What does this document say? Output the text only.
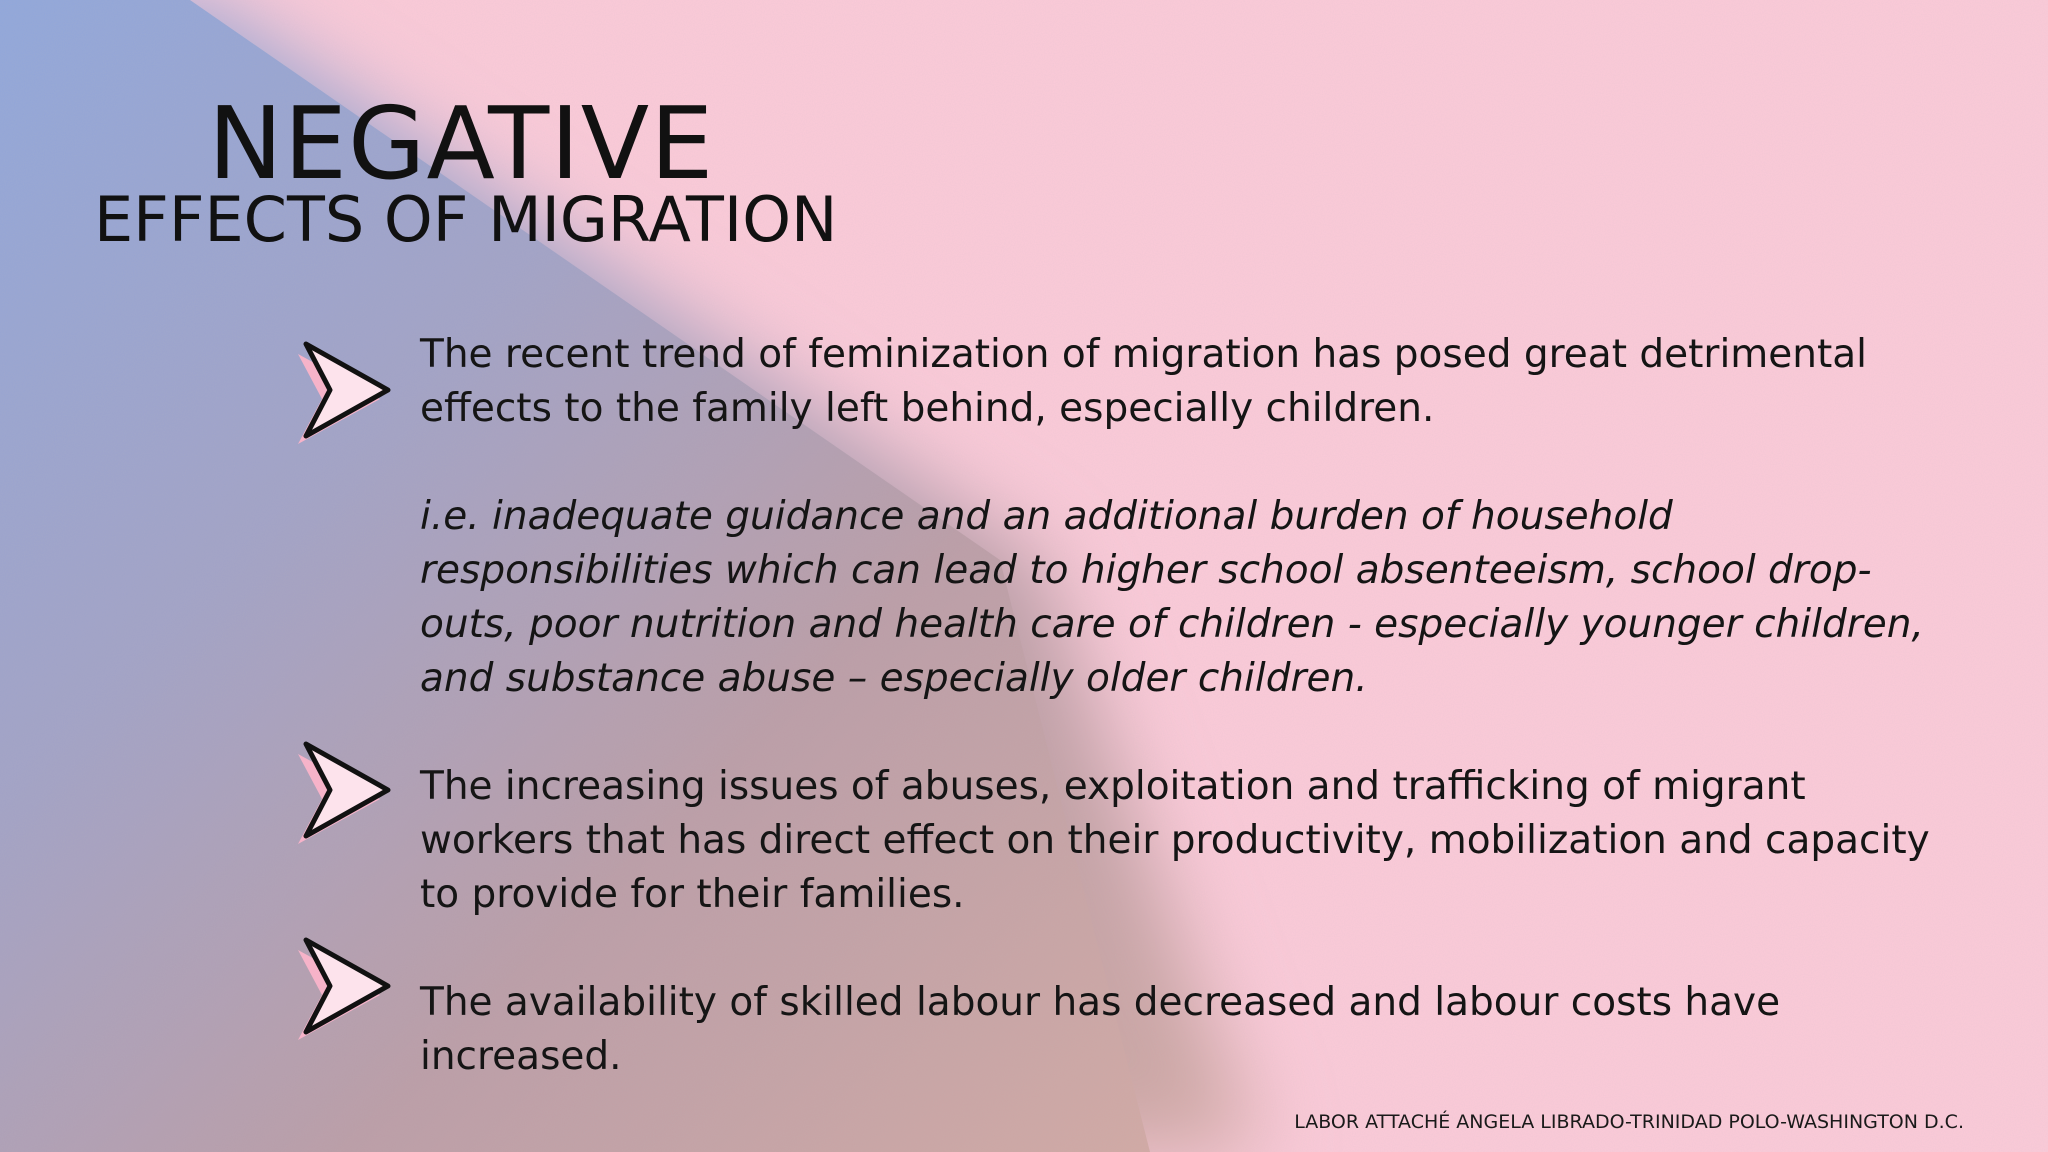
NEGATIVE
EFFECTS OF MIGRATION
The recent trend of feminization of migration has posed great detrimental effects to the family left behind, especially children.
i.e. inadequate guidance and an additional burden of household responsibilities which can lead to higher school absenteeism, school drop-outs, poor nutrition and health care of children - especially younger children, and substance abuse – especially older children.
The increasing issues of abuses, exploitation and trafficking of migrant workers that has direct effect on their productivity, mobilization and capacity to provide for their families.
The availability of skilled labour has decreased and labour costs have increased.
LABOR ATTACHÉ ANGELA LIBRADO-TRINIDAD POLO-WASHINGTON D.C.
